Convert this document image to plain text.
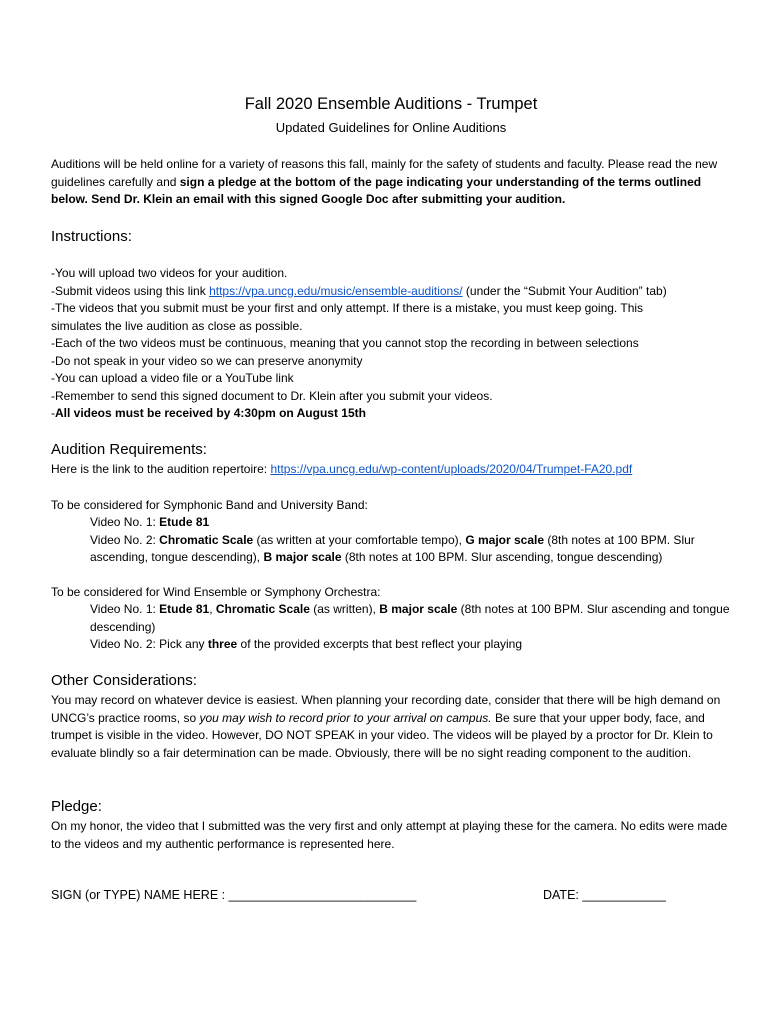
Fall 2020 Ensemble Auditions - Trumpet
Updated Guidelines for Online Auditions
Auditions will be held online for a variety of reasons this fall, mainly for the safety of students and faculty. Please read the new guidelines carefully and sign a pledge at the bottom of the page indicating your understanding of the terms outlined below. Send Dr. Klein an email with this signed Google Doc after submitting your audition.
Instructions:
-You will upload two videos for your audition.
-Submit videos using this link https://vpa.uncg.edu/music/ensemble-auditions/ (under the “Submit Your Audition” tab)
-The videos that you submit must be your first and only attempt. If there is a mistake, you must keep going. This
simulates the live audition as close as possible.
-Each of the two videos must be continuous, meaning that you cannot stop the recording in between selections
-Do not speak in your video so we can preserve anonymity
-You can upload a video file or a YouTube link
-Remember to send this signed document to Dr. Klein after you submit your videos.
-All videos must be received by 4:30pm on August 15th
Audition Requirements:
Here is the link to the audition repertoire: https://vpa.uncg.edu/wp-content/uploads/2020/04/Trumpet-FA20.pdf
To be considered for Symphonic Band and University Band:
Video No. 1: Etude 81
Video No. 2: Chromatic Scale (as written at your comfortable tempo), G major scale (8th notes at 100 BPM. Slur ascending, tongue descending), B major scale (8th notes at 100 BPM. Slur ascending, tongue descending)
To be considered for Wind Ensemble or Symphony Orchestra:
Video No. 1: Etude 81, Chromatic Scale (as written), B major scale (8th notes at 100 BPM. Slur ascending and tongue descending)
Video No. 2: Pick any three of the provided excerpts that best reflect your playing
Other Considerations:
You may record on whatever device is easiest. When planning your recording date, consider that there will be high demand on UNCG’s practice rooms, so you may wish to record prior to your arrival on campus. Be sure that your upper body, face, and trumpet is visible in the video. However, DO NOT SPEAK in your video. The videos will be played by a proctor for Dr. Klein to evaluate blindly so a fair determination can be made. Obviously, there will be no sight reading component to the audition.
Pledge:
On my honor, the video that I submitted was the very first and only attempt at playing these for the camera. No edits were made to the videos and my authentic performance is represented here.
SIGN (or TYPE) NAME HERE : ___________________________	DATE: ____________
